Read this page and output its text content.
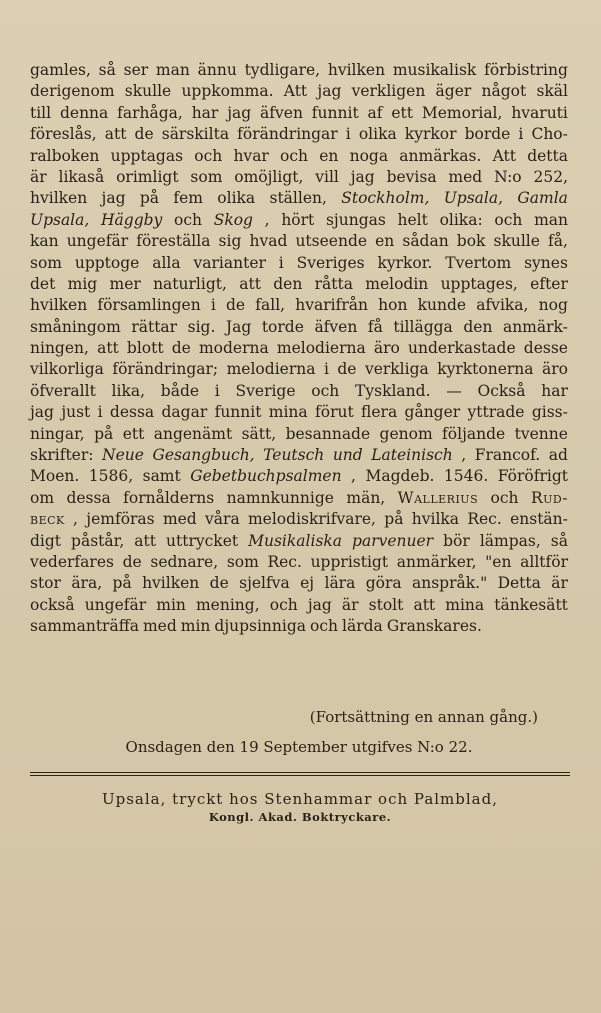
gamles, så ser man ännu tydligare, hvilken musikalisk förbistring
derigenom skulle uppkomma. Att jag verkligen äger något skäl
till denna farhåga, har jag äfven funnit af ett Memorial, hvaruti
föreslås, att de särskilta förändringar i olika kyrkor borde i Cho-
ralboken upptagas och hvar och en noga anmärkas. Att detta
är likaså orimligt som omöjligt, vill jag bevisa med N:o 252,
hvilken jag på fem olika ställen, Stockholm, Upsala, Gamla
Upsala, Häggby och Skog , hört sjungas helt olika: och man
kan ungefär föreställa sig hvad utseende en sådan bok skulle få,
som upptoge alla varianter i Sveriges kyrkor. Tvertom synes
det mig mer naturligt, att den råtta melodin upptages, efter
hvilken församlingen i de fall, hvarifrån hon kunde afvika, nog
småningom rättar sig. Jag torde äfven få tillägga den anmärk-
ningen, att blott de moderna melodierna äro underkastade desse
vilkorliga förändringar; melodierna i de verkliga kyrktonerna äro
öfverallt lika, både i Sverige och Tyskland. — Också har
jag just i dessa dagar funnit mina förut flera gånger yttrade giss-
ningar, på ett angenämt sätt, besannade genom följande tvenne
skrifter: Neue Gesangbuch, Teutsch und Lateinisch , Francof. ad
Moen. 1586, samt Gebetbuchpsalmen , Magdeb. 1546. Föröfrigt
om dessa fornålderns namnkunnige män, Wallerius och Rud-
beck , jemföras med våra melodiskrifvare, på hvilka Rec. enstän-
digt påstår, att uttrycket Musikaliska parvenuer bör lämpas, så
vederfares de sednare, som Rec. uppristigt anmärker, "en alltför
stor ära, på hvilken de sjelfva ej lära göra anspråk." Detta är
också ungefär min mening, och jag är stolt att mina tänkesätt
sammanträffa med min djupsinniga och lärda Granskares.
(Fortsättning en annan gång.)
Onsdagen den 19 September utgifves N:o 22.
Upsala, tryckt hos Stenhammar och Palmblad,
Kongl. Akad. Boktryckare.
